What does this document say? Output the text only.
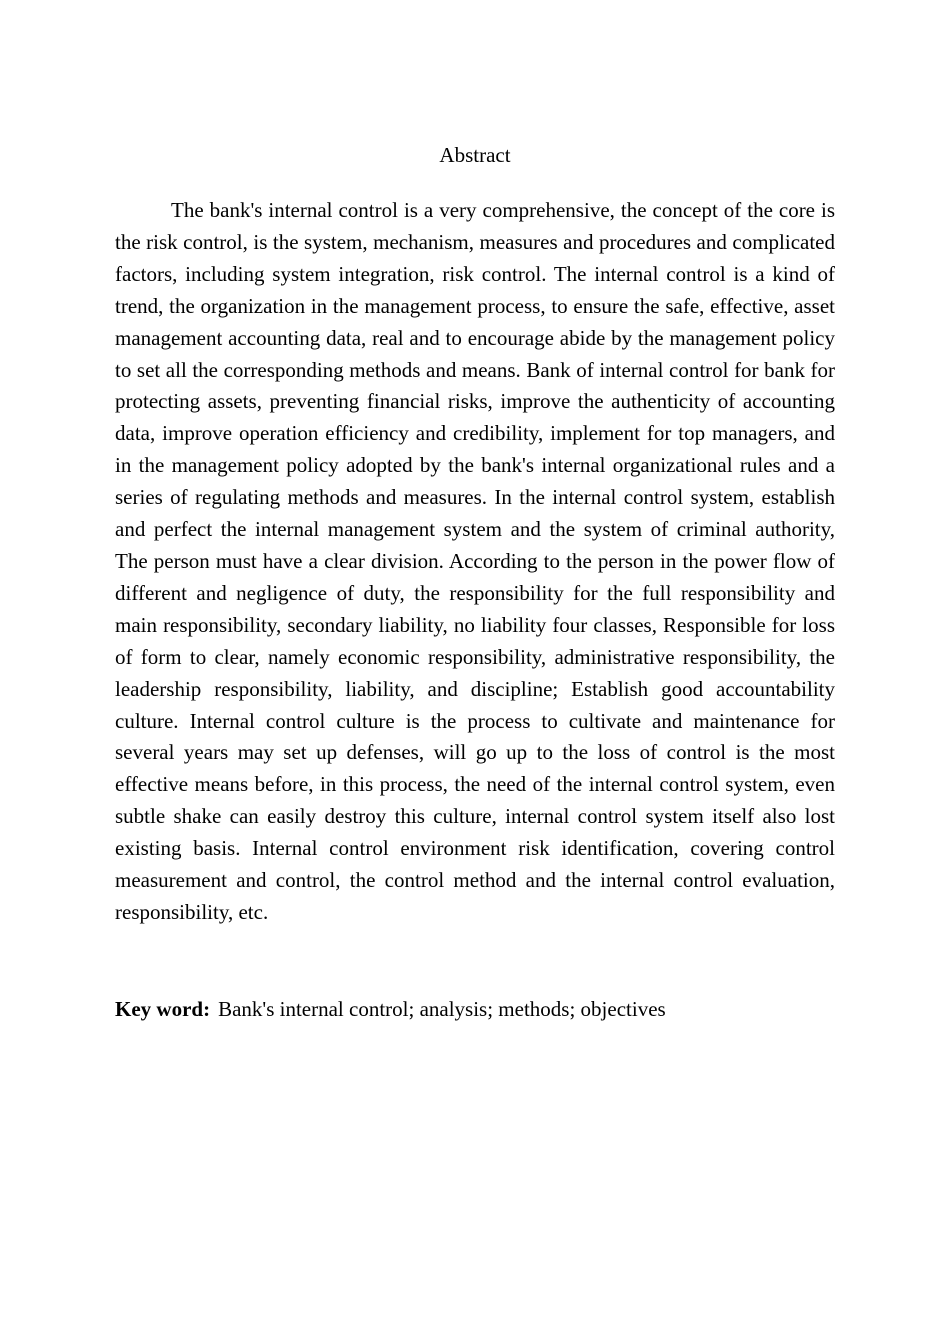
Abstract

The bank's internal control is a very comprehensive, the concept of the core is the risk control, is the system, mechanism, measures and procedures and complicated factors, including system integration, risk control. The internal control is a kind of trend, the organization in the management process, to ensure the safe, effective, asset management accounting data, real and to encourage abide by the management policy to set all the corresponding methods and means. Bank of internal control for bank for protecting assets, preventing financial risks, improve the authenticity of accounting data, improve operation efficiency and credibility, implement for top managers, and in the management policy adopted by the bank's internal organizational rules and a series of regulating methods and measures. In the internal control system, establish and perfect the internal management system and the system of criminal authority, The person must have a clear division. According to the person in the power flow of different and negligence of duty, the responsibility for the full responsibility and main responsibility, secondary liability, no liability four classes, Responsible for loss of form to clear, namely economic responsibility, administrative responsibility, the leadership responsibility, liability, and discipline; Establish good accountability culture. Internal control culture is the process to cultivate and maintenance for several years may set up defenses, will go up to the loss of control is the most effective means before, in this process, the need of the internal control system, even subtle shake can easily destroy this culture, internal control system itself also lost existing basis. Internal control environment risk identification, covering control measurement and control, the control method and the internal control evaluation, responsibility, etc.

Key word: Bank's internal control; analysis; methods; objectives
